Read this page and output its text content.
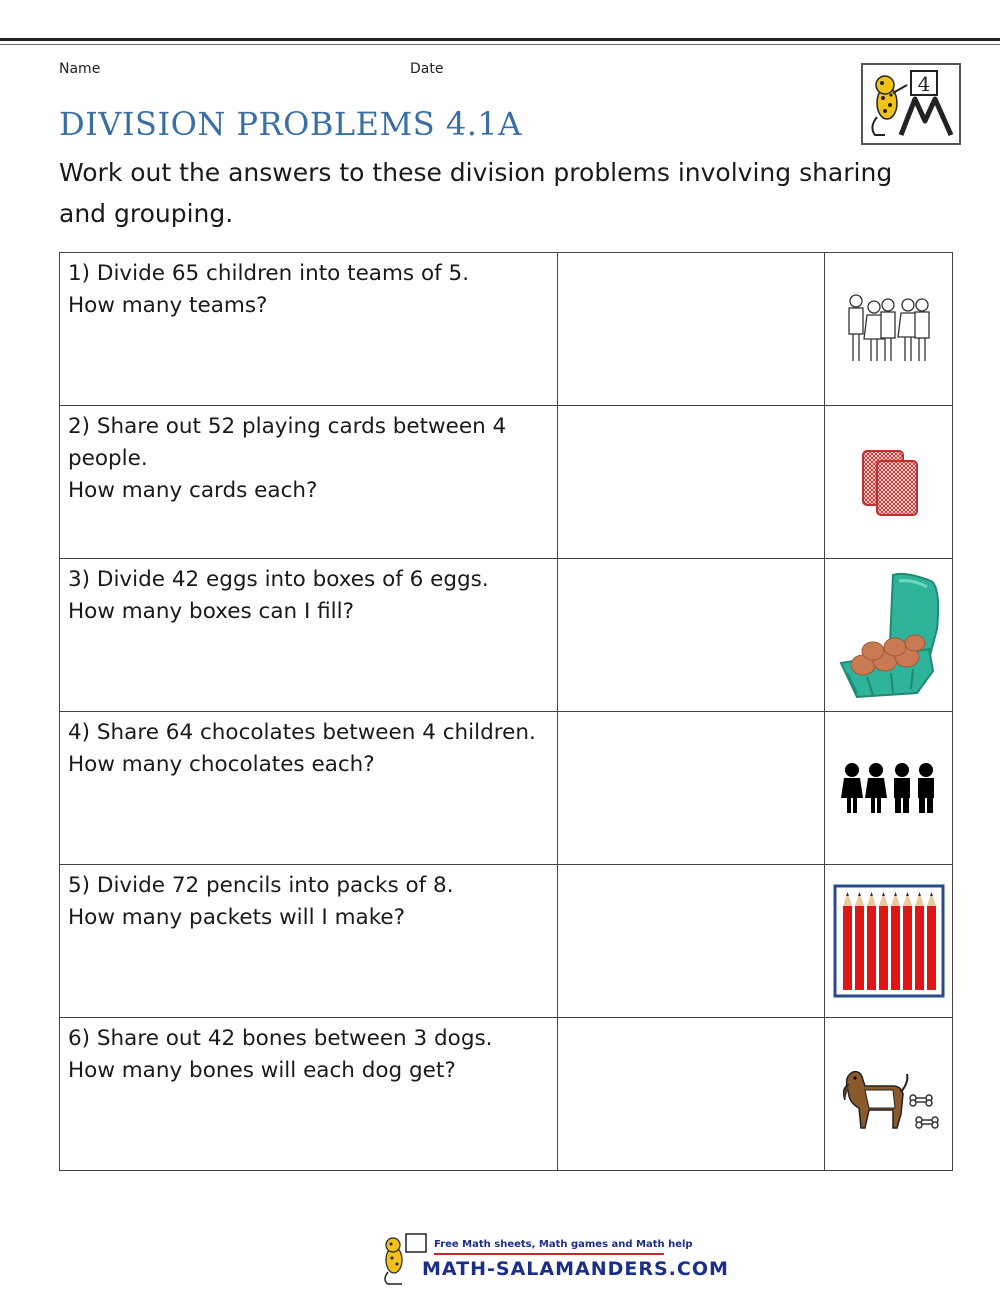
Name	Date
DIVISION PROBLEMS 4.1A
4

Work out the answers to these division problems involving sharing and grouping.

1) Divide 65 children into teams of 5.
How many teams?

2) Share out 52 playing cards between 4 people.
How many cards each?

3) Divide 42 eggs into boxes of 6 eggs.
How many boxes can I fill?

4) Share 64 chocolates between 4 children.
How many chocolates each?

5) Divide 72 pencils into packs of 8.
How many packets will I make?

6) Share out 42 bones between 3 dogs.
How many bones will each dog get?

Free Math sheets, Math games and Math help
MATH-SALAMANDERS.COM
